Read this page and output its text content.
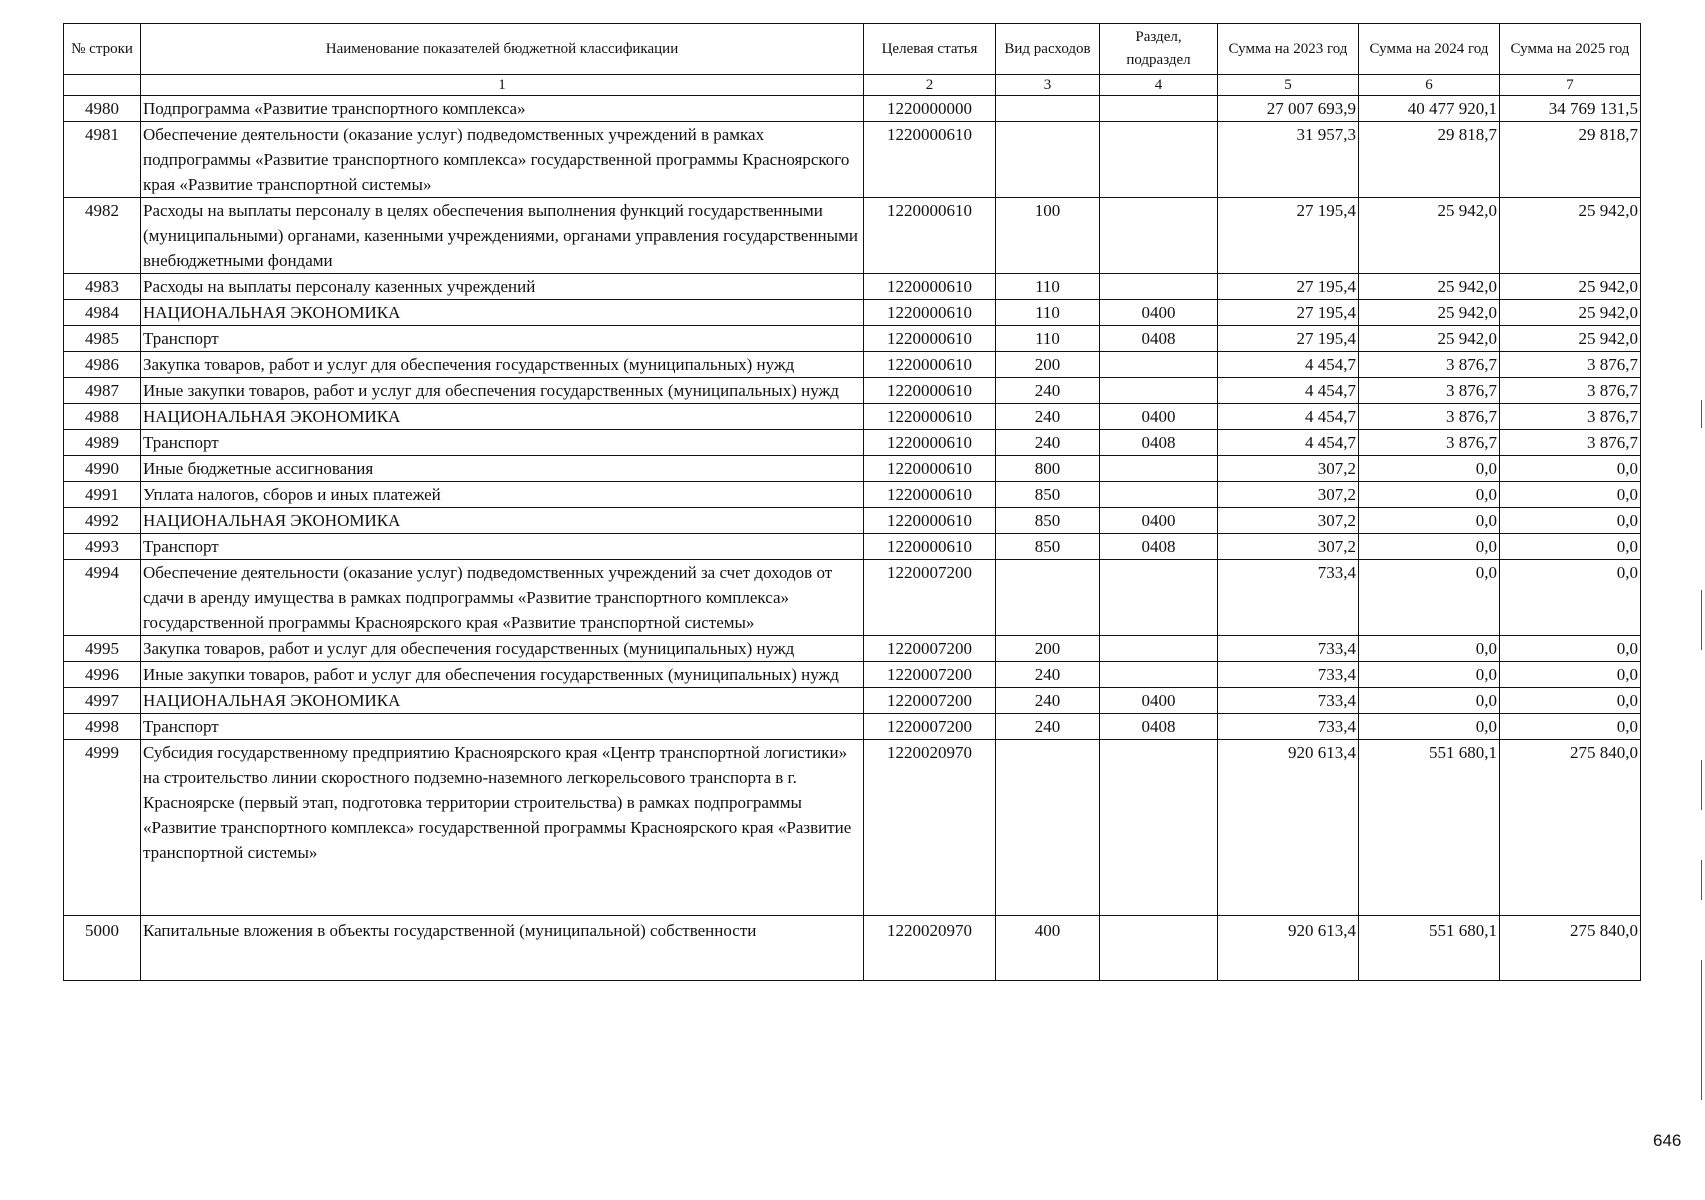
№ строки	Наименование показателей бюджетной классификации	Целевая статья	Вид расходов	Раздел, подраздел	Сумма на 2023 год	Сумма на 2024 год	Сумма на 2025 год
	1	2	3	4	5	6	7
4980	Подпрограмма «Развитие транспортного комплекса»	1220000000			27 007 693,9	40 477 920,1	34 769 131,5
4981	Обеспечение деятельности (оказание услуг) подведомственных учреждений в рамках подпрограммы «Развитие транспортного комплекса» государственной программы Красноярского края «Развитие транспортной системы»	1220000610			31 957,3	29 818,7	29 818,7
4982	Расходы на выплаты персоналу в целях обеспечения выполнения функций государственными (муниципальными) органами, казенными учреждениями, органами управления государственными внебюджетными фондами	1220000610	100		27 195,4	25 942,0	25 942,0
4983	Расходы на выплаты персоналу казенных учреждений	1220000610	110		27 195,4	25 942,0	25 942,0
4984	НАЦИОНАЛЬНАЯ ЭКОНОМИКА	1220000610	110	0400	27 195,4	25 942,0	25 942,0
4985	Транспорт	1220000610	110	0408	27 195,4	25 942,0	25 942,0
4986	Закупка товаров, работ и услуг для обеспечения государственных (муниципальных) нужд	1220000610	200		4 454,7	3 876,7	3 876,7
4987	Иные закупки товаров, работ и услуг для обеспечения государственных (муниципальных) нужд	1220000610	240		4 454,7	3 876,7	3 876,7
4988	НАЦИОНАЛЬНАЯ ЭКОНОМИКА	1220000610	240	0400	4 454,7	3 876,7	3 876,7
4989	Транспорт	1220000610	240	0408	4 454,7	3 876,7	3 876,7
4990	Иные бюджетные ассигнования	1220000610	800		307,2	0,0	0,0
4991	Уплата налогов, сборов и иных платежей	1220000610	850		307,2	0,0	0,0
4992	НАЦИОНАЛЬНАЯ ЭКОНОМИКА	1220000610	850	0400	307,2	0,0	0,0
4993	Транспорт	1220000610	850	0408	307,2	0,0	0,0
4994	Обеспечение деятельности (оказание услуг) подведомственных учреждений за счет доходов от сдачи в аренду имущества в рамках подпрограммы «Развитие транспортного комплекса» государственной программы Красноярского края «Развитие транспортной системы»	1220007200			733,4	0,0	0,0
4995	Закупка товаров, работ и услуг для обеспечения государственных (муниципальных) нужд	1220007200	200		733,4	0,0	0,0
4996	Иные закупки товаров, работ и услуг для обеспечения государственных (муниципальных) нужд	1220007200	240		733,4	0,0	0,0
4997	НАЦИОНАЛЬНАЯ ЭКОНОМИКА	1220007200	240	0400	733,4	0,0	0,0
4998	Транспорт	1220007200	240	0408	733,4	0,0	0,0
4999	Субсидия государственному предприятию Красноярского края «Центр транспортной логистики» на строительство линии скоростного подземно-наземного легкорельсового транспорта в г. Красноярске (первый этап, подготовка территории строительства) в рамках подпрограммы «Развитие транспортного комплекса» государственной программы Красноярского края «Развитие транспортной системы»	1220020970			920 613,4	551 680,1	275 840,0
5000	Капитальные вложения в объекты государственной (муниципальной) собственности	1220020970	400		920 613,4	551 680,1	275 840,0
646
